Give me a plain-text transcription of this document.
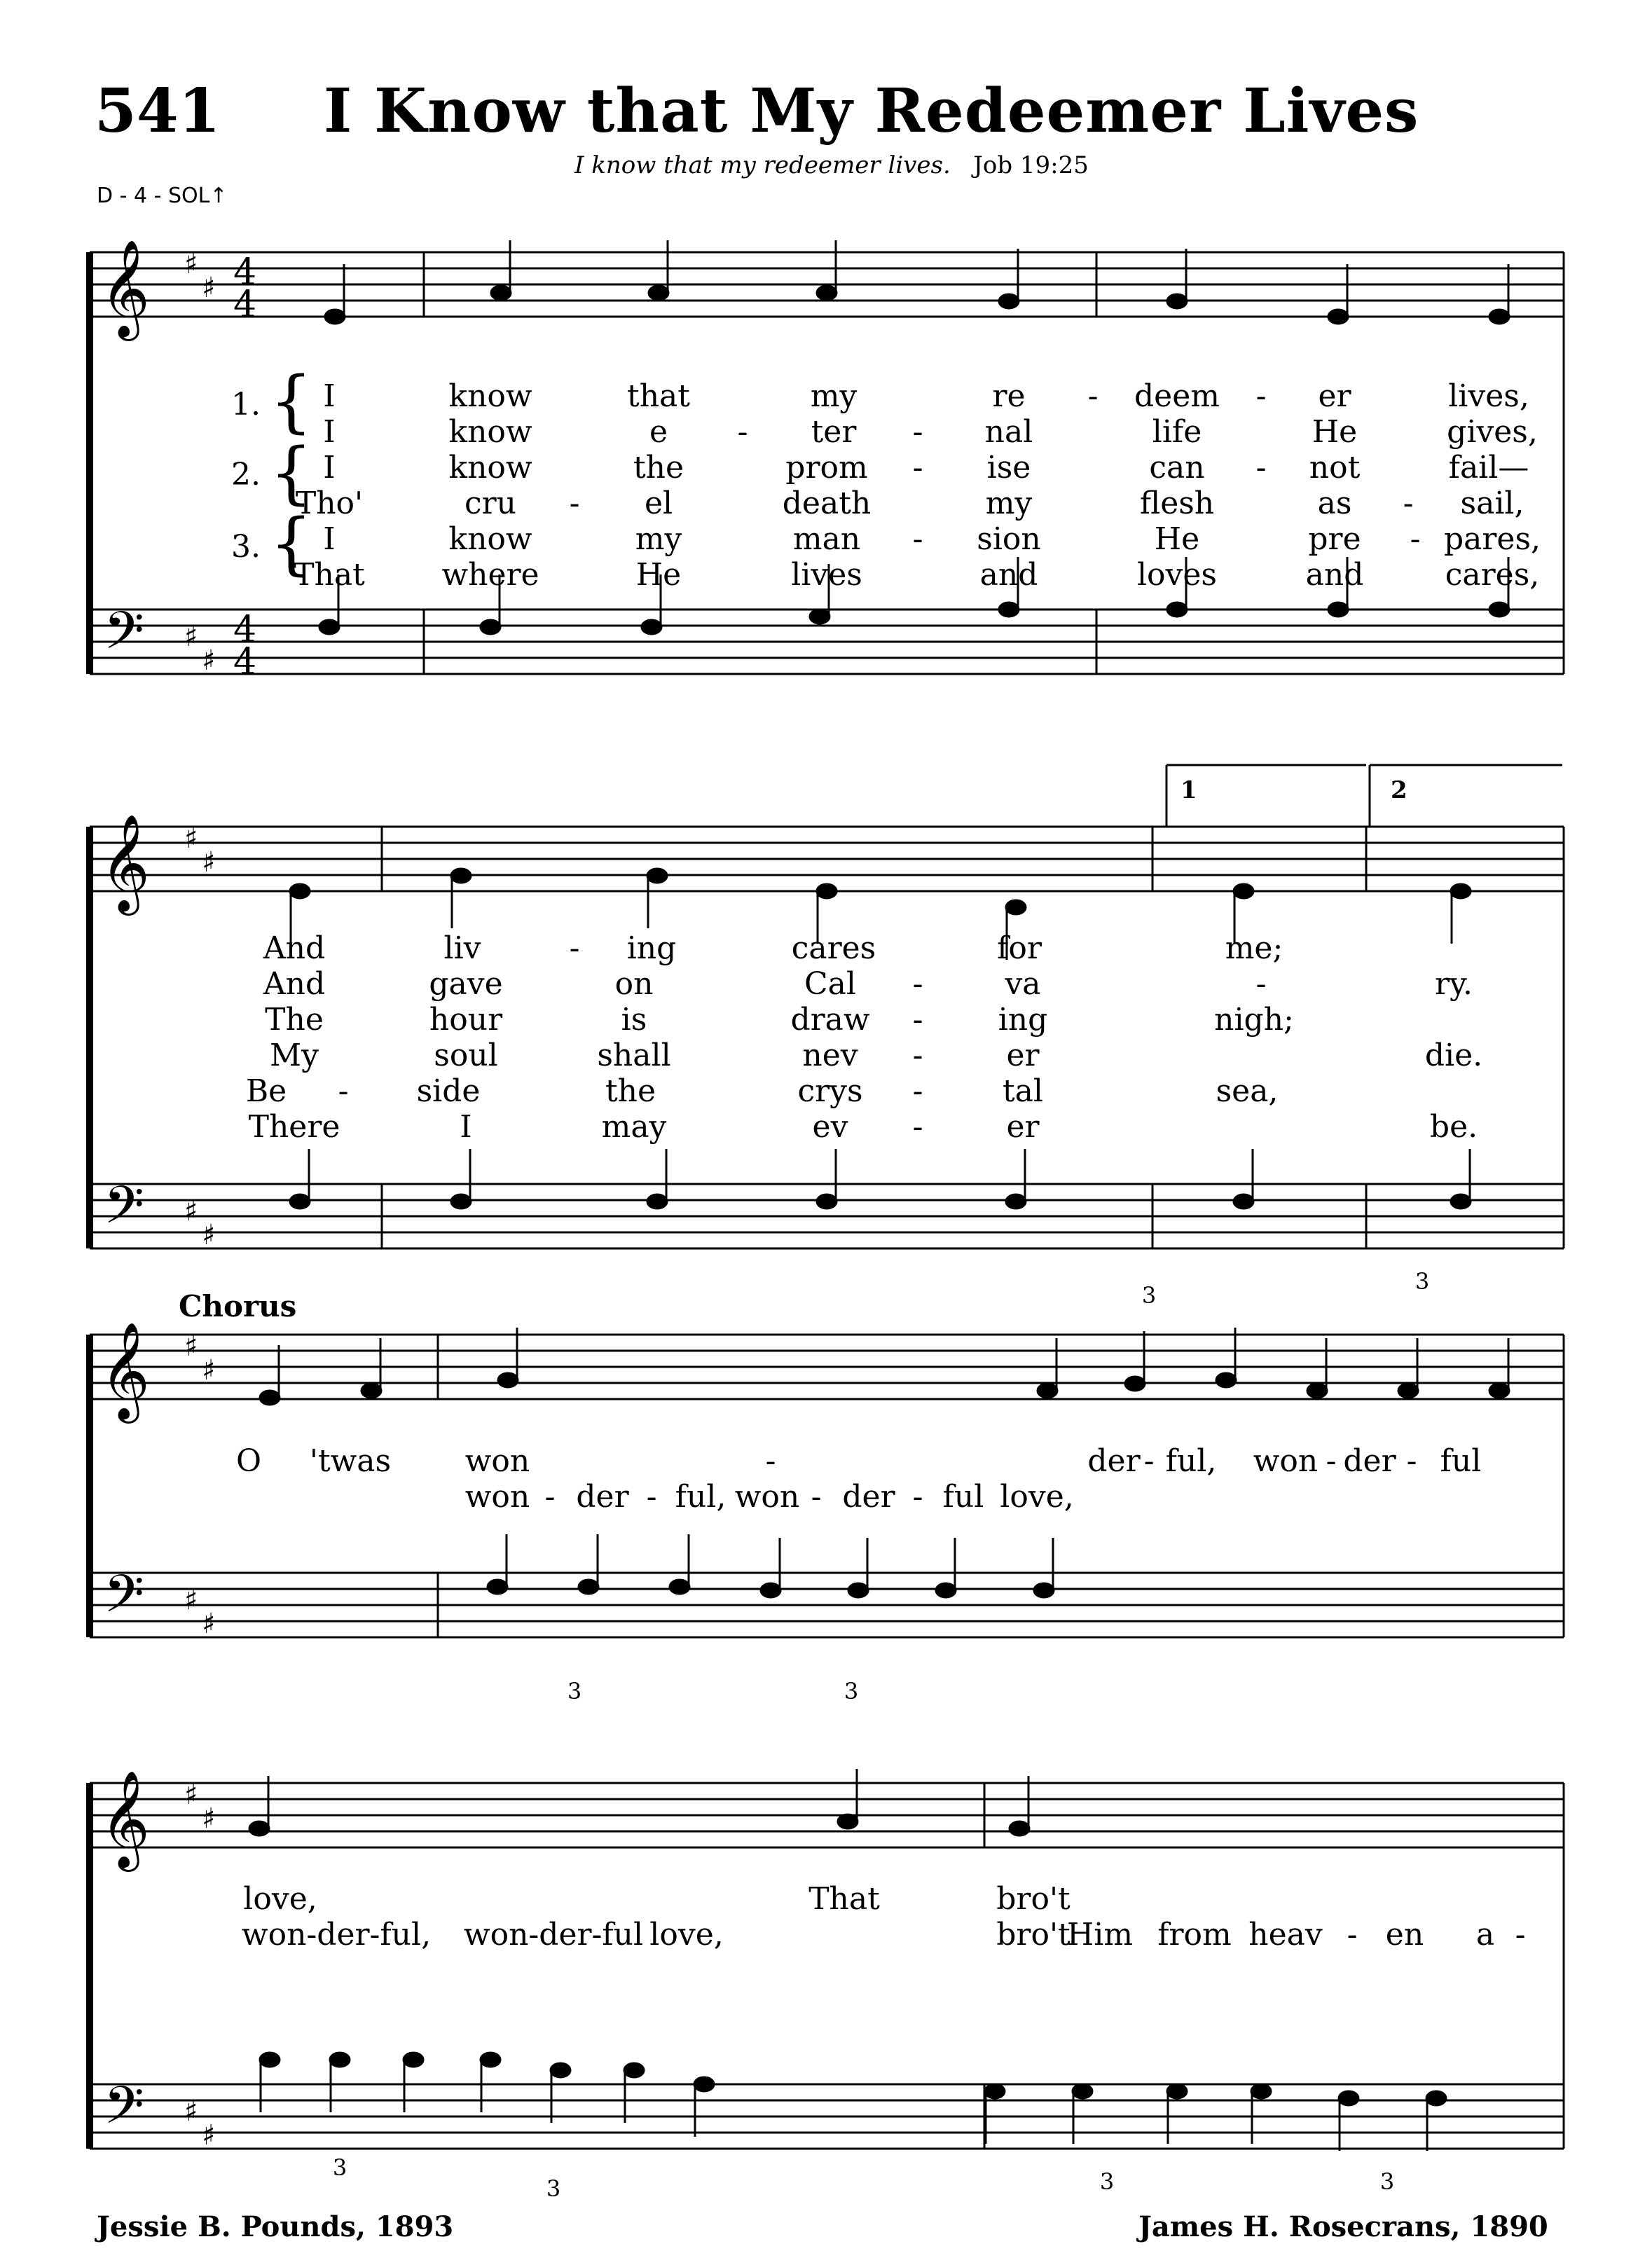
541 I Know that My Redeemer Lives
I know that my redeemer lives. Job 19:25
D - 4 - SOL↑
𝄞
𝄢
♯
♯
♯
♯
4
4
4
4
𝄞
𝄢
♯
♯
♯
♯
𝄞
𝄢
♯
♯
♯
♯
𝄞
𝄢
♯
♯
♯
♯
3
3
3	3
3
3	3	3
I	know	that	my	re - deem - er	lives,
I	know	e - ter - nal	life	He	gives,
I	know	the	prom - ise	can - not	fail—
Tho'	cru - el	death	my	flesh	as - sail,
I	know	my	man - sion	He	pre - pares,
That where	He	lives	and	loves	and	cares,
And	liv	- ing	cares	for	me;
And	gave	on	Cal -	va	-	ry.
The	hour	is	draw - ing	nigh;
My	soul	shall	nev -	er	die.
Be - side	the	crys -	tal	sea,
There	I	may	ev -	er	be.
1.
2.
3.
{
{
{
1	2
Chorus
O 'twas won	-	der - ful, won - der - ful
won - der - ful, won - der - ful love,
love,	That	bro't
won-der-ful, won-der-ful love,	bro't
Him from heav - en a -
Jessie B. Pounds, 1893	James H. Rosecrans, 1890
